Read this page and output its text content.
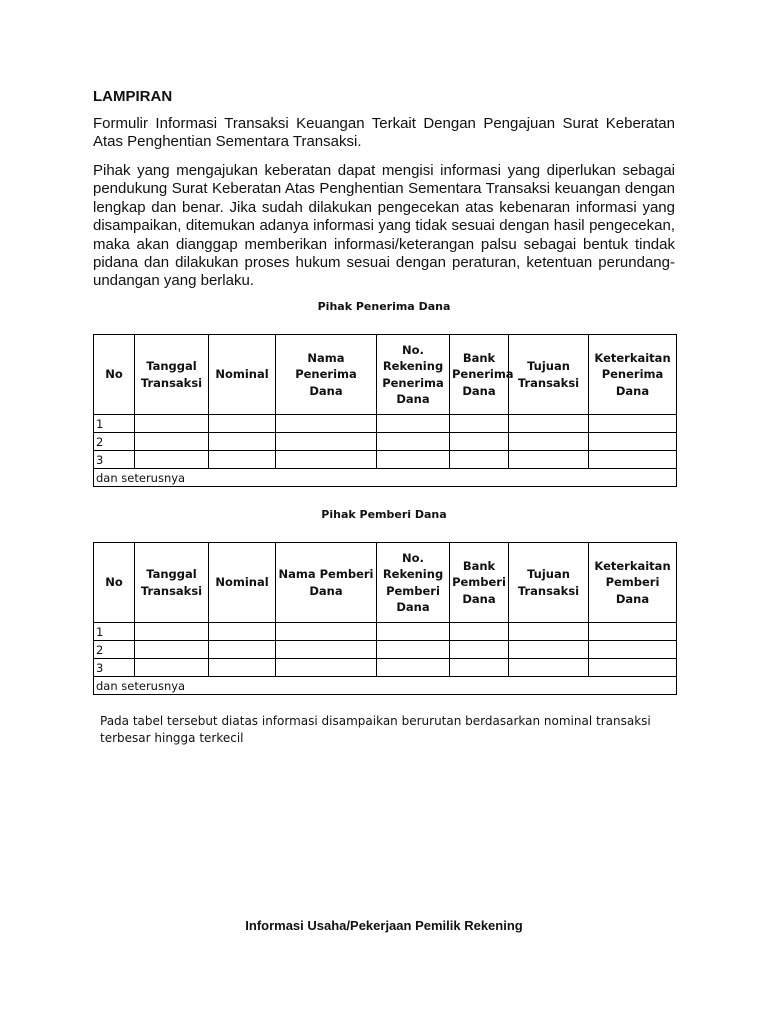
LAMPIRAN
Formulir Informasi Transaksi Keuangan Terkait Dengan Pengajuan Surat Keberatan Atas Penghentian Sementara Transaksi.
Pihak yang mengajukan keberatan dapat mengisi informasi yang diperlukan sebagai pendukung Surat Keberatan Atas Penghentian Sementara Transaksi keuangan dengan lengkap dan benar. Jika sudah dilakukan pengecekan atas kebenaran informasi yang disampaikan, ditemukan adanya informasi yang tidak sesuai dengan hasil pengecekan, maka akan dianggap memberikan informasi/keterangan palsu sebagai bentuk tindak pidana dan dilakukan proses hukum sesuai dengan peraturan, ketentuan perundang-undangan yang berlaku.
Pihak Penerima Dana
No	Tanggal Transaksi	Nominal	Nama Penerima Dana	No. Rekening Penerima Dana	Bank Penerima Dana	Tujuan Transaksi	Keterkaitan Penerima Dana
1							
2							
3							
dan seterusnya							
Pihak Pemberi Dana
No	Tanggal Transaksi	Nominal	Nama Pemberi Dana	No. Rekening Pemberi Dana	Bank Pemberi Dana	Tujuan Transaksi	Keterkaitan Pemberi Dana
1							
2							
3							
dan seterusnya							
Pada tabel tersebut diatas informasi disampaikan berurutan berdasarkan nominal transaksi terbesar hingga terkecil
Informasi Usaha/Pekerjaan Pemilik Rekening
